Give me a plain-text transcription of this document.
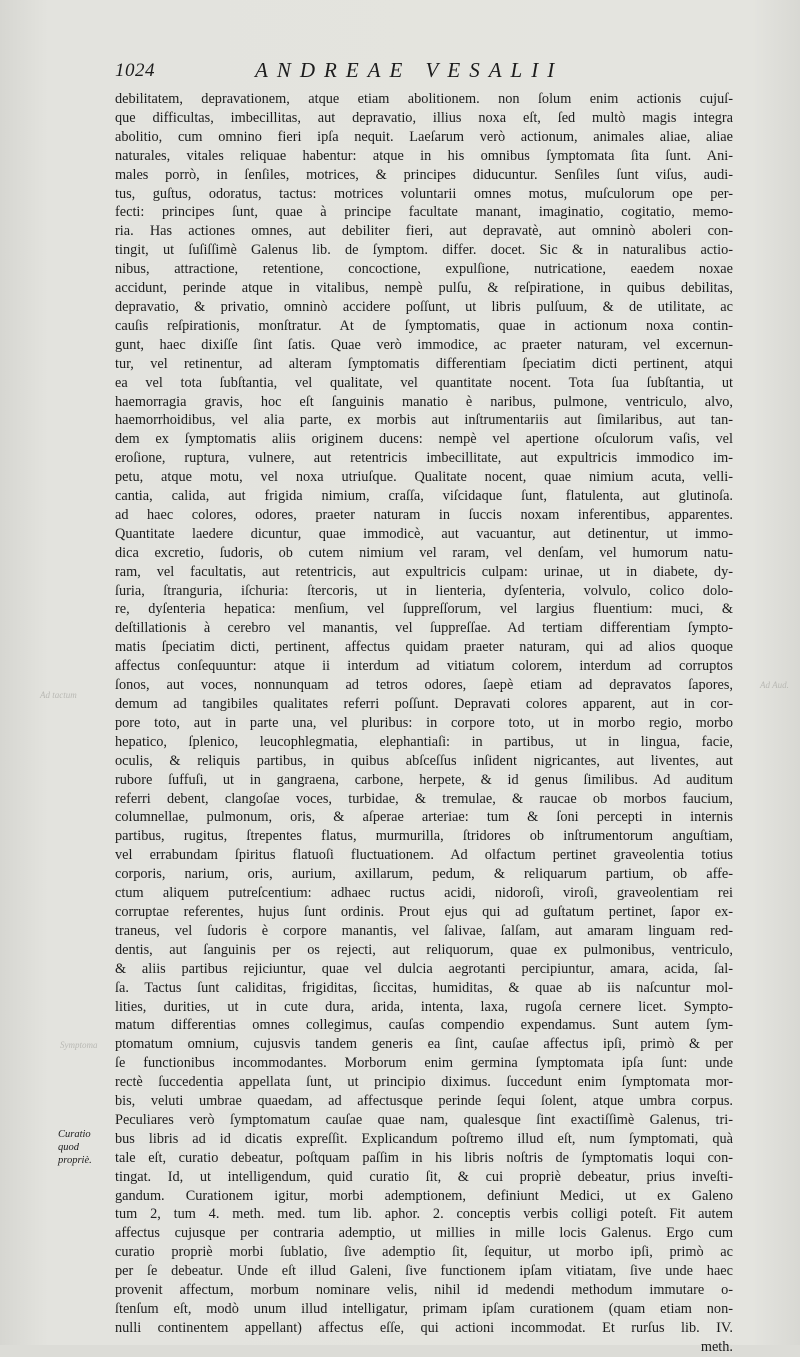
1024	ANDREAE VESALII
Ad Aud.
Ad tactum
Symptoma
debilitatem, depravationem, atque etiam abolitionem. non ſolum enim actionis cujuſ-
que difficultas, imbecillitas, aut depravatio, illius noxa eſt, ſed multò magis integra
abolitio, cum omnino fieri ipſa nequit. Laeſarum verò actionum, animales aliae, aliae
naturales, vitales reliquae habentur: atque in his omnibus ſymptomata ſita ſunt. Ani-
males porrò, in ſenſiles, motrices, & principes diducuntur. Senſiles ſunt viſus, audi-
tus, guſtus, odoratus, tactus: motrices voluntarii omnes motus, muſculorum ope per-
fecti: principes ſunt, quae à principe facultate manant, imaginatio, cogitatio, memo-
ria. Has actiones omnes, aut debiliter fieri, aut depravatè, aut omninò aboleri con-
tingit, ut ſuſiſſimè Galenus lib. de ſymptom. differ. docet. Sic & in naturalibus actio-
nibus, attractione, retentione, concoctione, expulſione, nutricatione, eaedem noxae
accidunt, perinde atque in vitalibus, nempè pulſu, & reſpiratione, in quibus debilitas,
depravatio, & privatio, omninò accidere poſſunt, ut libris pulſuum, & de utilitate, ac
cauſis reſpirationis, monſtratur. At de ſymptomatis, quae in actionum noxa contin-
gunt, haec dixiſſe ſint ſatis. Quae verò immodice, ac praeter naturam, vel excernun-
tur, vel retinentur, ad alteram ſymptomatis differentiam ſpeciatim dicti pertinent, atqui
ea vel tota ſubſtantia, vel qualitate, vel quantitate nocent. Tota ſua ſubſtantia, ut
haemorragia gravis, hoc eſt ſanguinis manatio è naribus, pulmone, ventriculo, alvo,
haemorrhoidibus, vel alia parte, ex morbis aut inſtrumentariis aut ſimilaribus, aut tan-
dem ex ſymptomatis aliis originem ducens: nempè vel apertione oſculorum vaſis, vel
eroſione, ruptura, vulnere, aut retentricis imbecillitate, aut expultricis immodico im-
petu, atque motu, vel noxa utriuſque. Qualitate nocent, quae nimium acuta, velli-
cantia, calida, aut frigida nimium, craſſa, viſcidaque ſunt, flatulenta, aut glutinoſa.
ad haec colores, odores, praeter naturam in ſuccis noxam inferentibus, apparentes.
Quantitate laedere dicuntur, quae immodicè, aut vacuantur, aut detinentur, ut immo-
dica excretio, ſudoris, ob cutem nimium vel raram, vel denſam, vel humorum natu-
ram, vel facultatis, aut retentricis, aut expultricis culpam: urinae, ut in diabete, dy-
ſuria, ſtranguria, iſchuria: ſtercoris, ut in lienteria, dyſenteria, volvulo, colico dolo-
re, dyſenteria hepatica: menſium, vel ſuppreſſorum, vel largius fluentium: muci, &
deſtillationis à cerebro vel manantis, vel ſuppreſſae. Ad tertiam differentiam ſympto-
matis ſpeciatim dicti, pertinent, affectus quidam praeter naturam, qui ad alios quoque
affectus conſequuntur: atque ii interdum ad vitiatum colorem, interdum ad corruptos
ſonos, aut voces, nonnunquam ad tetros odores, ſaepè etiam ad depravatos ſapores,
demum ad tangibiles qualitates referri poſſunt. Depravati colores apparent, aut in cor-
pore toto, aut in parte una, vel pluribus: in corpore toto, ut in morbo regio, morbo
hepatico, ſplenico, leucophlegmatia, elephantiaſi: in partibus, ut in lingua, facie,
oculis, & reliquis partibus, in quibus abſceſſus inſident nigricantes, aut liventes, aut
rubore ſuffuſi, ut in gangraena, carbone, herpete, & id genus ſimilibus. Ad auditum
referri debent, clangoſae voces, turbidae, & tremulae, & raucae ob morbos faucium,
columnellae, pulmonum, oris, & aſperae arteriae: tum & ſoni percepti in internis
partibus, rugitus, ſtrepentes flatus, murmurilla, ſtridores ob inſtrumentorum anguſtiam,
vel errabundam ſpiritus flatuoſi fluctuationem. Ad olfactum pertinet graveolentia totius
corporis, narium, oris, aurium, axillarum, pedum, & reliquarum partium, ob affe-
ctum aliquem putreſcentium: adhaec ructus acidi, nidoroſi, viroſi, graveolentiam rei
corruptae referentes, hujus ſunt ordinis. Prout ejus qui ad guſtatum pertinet, ſapor ex-
traneus, vel ſudoris è corpore manantis, vel ſalivae, ſalſam, aut amaram linguam red-
dentis, aut ſanguinis per os rejecti, aut reliquorum, quae ex pulmonibus, ventriculo,
& aliis partibus rejiciuntur, quae vel dulcia aegrotanti percipiuntur, amara, acida, ſal-
ſa. Tactus ſunt caliditas, frigiditas, ſiccitas, humiditas, & quae ab iis naſcuntur mol-
lities, durities, ut in cute dura, arida, intenta, laxa, rugoſa cernere licet. Sympto-
matum differentias omnes collegimus, cauſas compendio expendamus. Sunt autem ſym-
ptomatum omnium, cujusvis tandem generis ea ſint, cauſae affectus ipſi, primò & per
ſe functionibus incommodantes. Morborum enim germina ſymptomata ipſa ſunt: unde
rectè ſuccedentia appellata ſunt, ut principio diximus. ſuccedunt enim ſymptomata mor-
bis, veluti umbrae quaedam, ad affectusque perinde ſequi ſolent, atque umbra corpus.
Peculiares verò ſymptomatum cauſae quae nam, qualesque ſint exactiſſimè Galenus, tri-
bus libris ad id dicatis expreſſit. Explicandum poſtremo illud eſt, num ſymptomati, quà
tale eſt, curatio debeatur, poſtquam paſſim in his libris noſtris de ſymptomatis loqui con-
tingat. Id, ut intelligendum, quid curatio ſit, & cui propriè debeatur, prius inveſti-
gandum. Curationem igitur, morbi ademptionem, definiunt Medici, ut ex Galeno
tum 2, tum 4. meth. med. tum lib. aphor. 2. conceptis verbis colligi poteſt. Fit autem
affectus cujusque per contraria ademptio, ut millies in mille locis Galenus. Ergo cum
curatio propriè morbi ſublatio, ſive ademptio ſit, ſequitur, ut morbo ipſi, primò ac
per ſe debeatur. Unde eſt illud Galeni, ſive functionem ipſam vitiatam, ſive unde haec
provenit affectum, morbum nominare velis, nihil id medendi methodum immutare o-
ſtenſum eſt, modò unum illud intelligatur, primam ipſam curationem (quam etiam non-
nulli continentem appellant) affectus eſſe, qui actioni incommodat. Et rurſus lib. IV.
meth.
Curatio quod
propriè.
